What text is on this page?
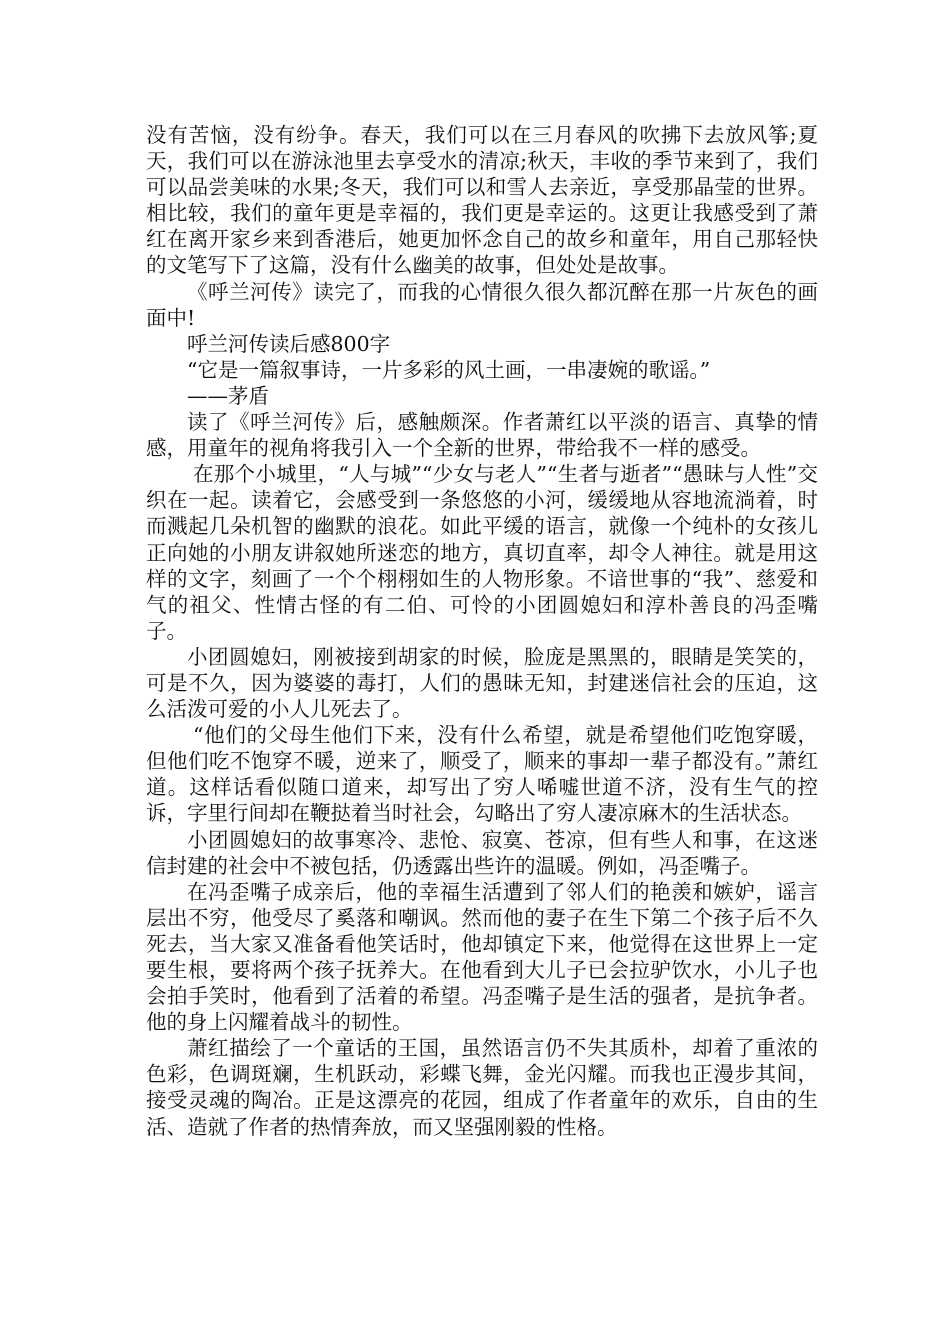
没有苦恼，没有纷争。春天，我们可以在三月春风的吹拂下去放风筝;夏天，我们可以在游泳池里去享受水的清凉;秋天，丰收的季节来到了，我们可以品尝美味的水果;冬天，我们可以和雪人去亲近，享受那晶莹的世界。相比较，我们的童年更是幸福的，我们更是幸运的。这更让我感受到了萧红在离开家乡来到香港后，她更加怀念自己的故乡和童年，用自己那轻快的文笔写下了这篇，没有什么幽美的故事，但处处是故事。

《呼兰河传》读完了，而我的心情很久很久都沉醉在那一片灰色的画面中!

呼兰河传读后感800字

“它是一篇叙事诗，一片多彩的风土画，一串凄婉的歌谣。”

——茅盾

读了《呼兰河传》后，感触颇深。作者萧红以平淡的语言、真挚的情感，用童年的视角将我引入一个全新的世界，带给我不一样的感受。

在那个小城里，“人与城”“少女与老人”“生者与逝者”“愚昧与人性”交织在一起。读着它，会感受到一条悠悠的小河，缓缓地从容地流淌着，时而溅起几朵机智的幽默的浪花。如此平缓的语言，就像一个纯朴的女孩儿正向她的小朋友讲叙她所迷恋的地方，真切直率，却令人神往。就是用这样的文字，刻画了一个个栩栩如生的人物形象。不谙世事的“我”、慈爱和气的祖父、性情古怪的有二伯、可怜的小团圆媳妇和淳朴善良的冯歪嘴子。

小团圆媳妇，刚被接到胡家的时候，脸庞是黑黑的，眼睛是笑笑的，可是不久，因为婆婆的毒打，人们的愚昧无知，封建迷信社会的压迫，这么活泼可爱的小人儿死去了。

“他们的父母生他们下来，没有什么希望，就是希望他们吃饱穿暖，但他们吃不饱穿不暖，逆来了，顺受了，顺来的事却一辈子都没有。”萧红道。这样话看似随口道来，却写出了穷人唏嘘世道不济，没有生气的控诉，字里行间却在鞭挞着当时社会，勾略出了穷人凄凉麻木的生活状态。

小团圆媳妇的故事寒冷、悲怆、寂寞、苍凉，但有些人和事，在这迷信封建的社会中不被包括，仍透露出些许的温暖。例如，冯歪嘴子。

在冯歪嘴子成亲后，他的幸福生活遭到了邻人们的艳羡和嫉妒，谣言层出不穷，他受尽了奚落和嘲讽。然而他的妻子在生下第二个孩子后不久死去，当大家又准备看他笑话时，他却镇定下来，他觉得在这世界上一定要生根，要将两个孩子抚养大。在他看到大儿子已会拉驴饮水，小儿子也会拍手笑时，他看到了活着的希望。冯歪嘴子是生活的强者，是抗争者。他的身上闪耀着战斗的韧性。

萧红描绘了一个童话的王国，虽然语言仍不失其质朴，却着了重浓的色彩，色调斑斓，生机跃动，彩蝶飞舞，金光闪耀。而我也正漫步其间，接受灵魂的陶冶。正是这漂亮的花园，组成了作者童年的欢乐，自由的生活、造就了作者的热情奔放，而又坚强刚毅的性格。
